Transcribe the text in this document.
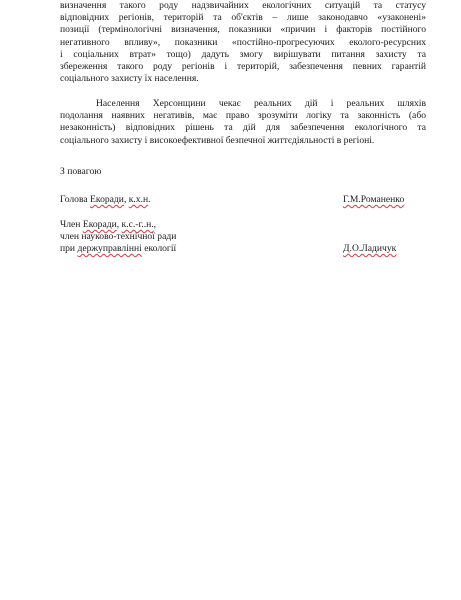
визначення такого роду надзвичайних екологічних ситуацій та статусу
відповідних регіонів, територій та об'єктів – лише законодавчо «узаконені»
позиції (термінологічні визначення, показники «причин і факторів постійного
негативного впливу», показники «постійно-прогресуючих еколого-ресурсних
і соціальних втрат» тощо) дадуть змогу вирішувати питання захисту та
збереження такого роду регіонів і територій, забезпечення певних гарантій
соціального захисту їх населення.
Населення Херсонщини чекає реальних дій і реальних шляхів
подолання наявних негативів, має право зрозуміти логіку та законність (або
незаконність) відповідних рішень та дій для забезпечення екологічного та
соціального захисту і високоефективної безпечної життєдіяльності в регіоні.
З повагою
Голова Екоради, к.х.н.	Г.М.Романенко
Член Екоради, к.с.-г..н.,
член науково-технічної ради
при держуправлінні екології	Д.О.Ладичук
